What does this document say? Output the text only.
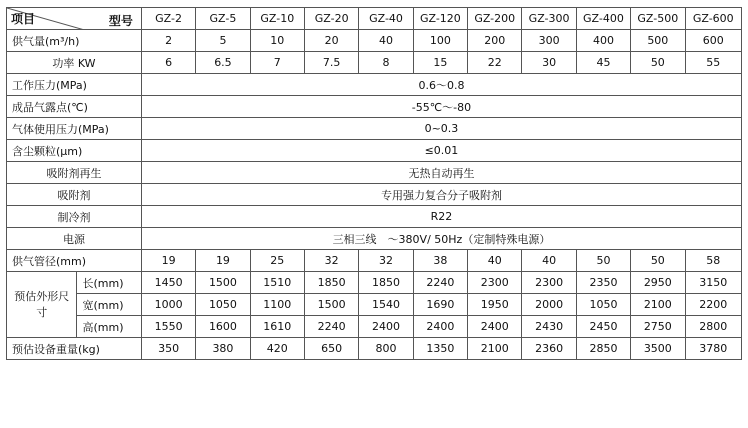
型号
项目		GZ-2	GZ-5	GZ-10	GZ-20	GZ-40	GZ-120	GZ-200	GZ-300	GZ-400	GZ-500	GZ-600
供气量(m³/h)		2	5	10	20	40	100	200	300	400	500	600
功率 KW		6	6.5	7	7.5	8	15	22	30	45	50	55
工作压力(MPa)		0.6～0.8										
成品气露点(℃)		-55℃～-80										
气体使用压力(MPa)		0~0.3										
含尘颗粒(μm)		≤0.01										
吸附剂再生		无热自动再生										
吸附剂		专用强力复合分子吸附剂										
制冷剂		R22										
电源		三相三线　～380V/ 50Hz（定制特殊电源）										
供气管径(mm)		19	19	25	32	32	38	40	40	50	50	58
预估外形尺寸	长(mm)	1450	1500	1510	1850	1850	2240	2300	2300	2350	2950	3150
	宽(mm)	1000	1050	1100	1500	1540	1690	1950	2000	1050	2100	2200
	高(mm)	1550	1600	1610	2240	2400	2400	2400	2430	2450	2750	2800
预估设备重量(kg)		350	380	420	650	800	1350	2100	2360	2850	3500	3780
